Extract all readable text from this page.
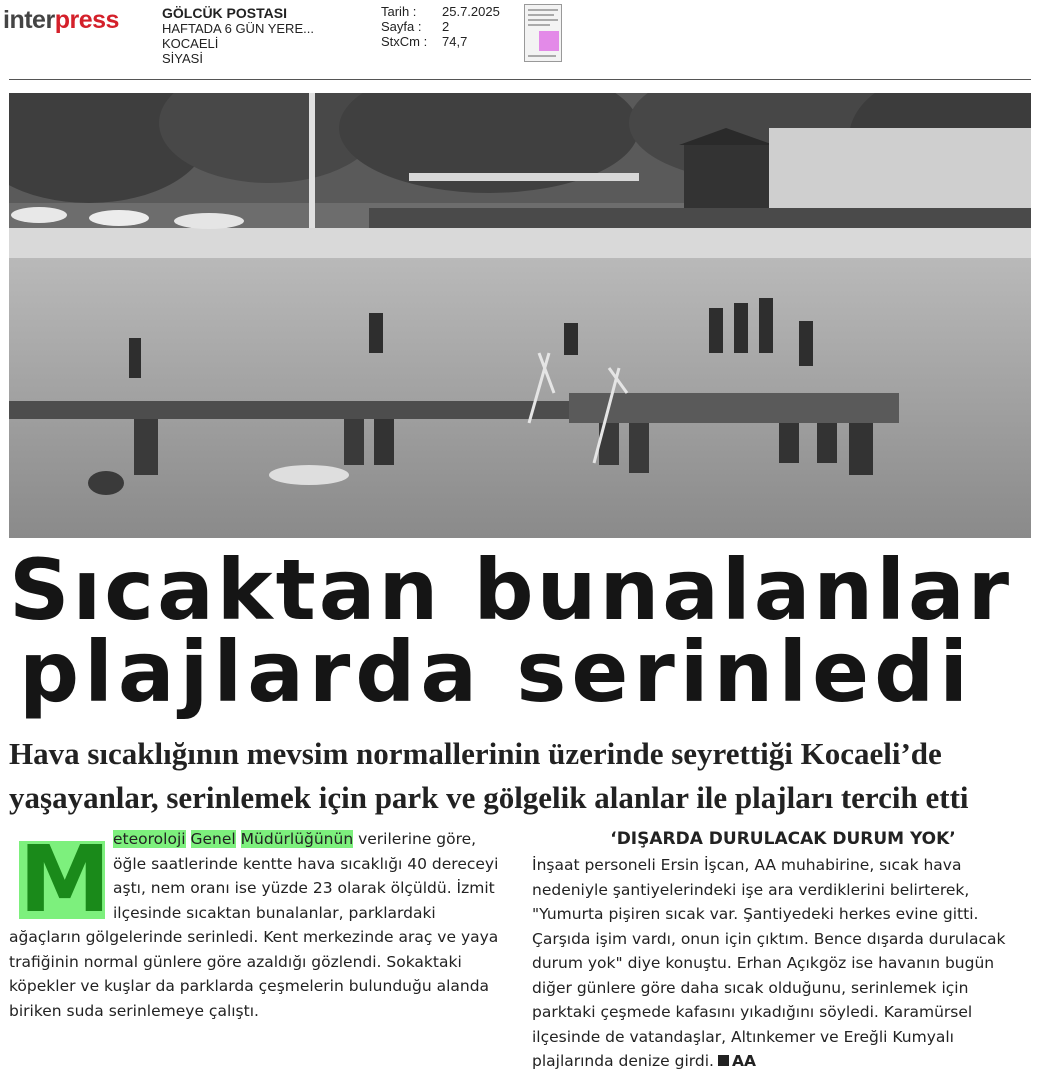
interpress	GÖLCÜK POSTASI
HAFTADA 6 GÜN YERE...
KOCAELİ
SİYASİ
Tarih :
Sayfa :
StxCm :
25.7.2025
2
74,7
Sıcaktan bunalanlar
plajlarda serinledi
Hava sıcaklığının mevsim normallerinin üzerinde seyrettiği Kocaeli’de yaşayanlar, serinlemek için park ve gölgelik alanlar ile plajları tercih etti
M eteoroloji Genel Müdürlüğünün verilerine göre, öğle saatlerinde kentte hava sıcaklığı 40 dereceyi aştı, nem oranı ise yüzde 23 olarak ölçüldü. İzmit ilçesinde sıcaktan bunalanlar, parklardaki ağaçların gölgelerinde serinledi. Kent merkezinde araç ve yaya trafiğinin normal günlere göre azaldığı gözlendi. Sokaktaki köpekler ve kuşlar da parklarda çeşmelerin bulunduğu alanda biriken suda serinlemeye çalıştı.
‘DIŞARDA DURULACAK DURUM YOK’
İnşaat personeli Ersin İşcan, AA muhabirine, sıcak hava nedeniyle şantiyelerindeki işe ara verdiklerini belirterek, "Yumurta pişiren sıcak var. Şantiyedeki herkes evine gitti. Çarşıda işim vardı, onun için çıktım. Bence dışarda durulacak durum yok" diye konuştu. Erhan Açıkgöz ise havanın bugün diğer günlere göre daha sıcak olduğunu, serinlemek için parktaki çeşmede kafasını yıkadığını söyledi. Karamürsel ilçesinde de vatandaşlar, Altınkemer ve Ereğli Kumyalı plajlarında denize girdi. AA
